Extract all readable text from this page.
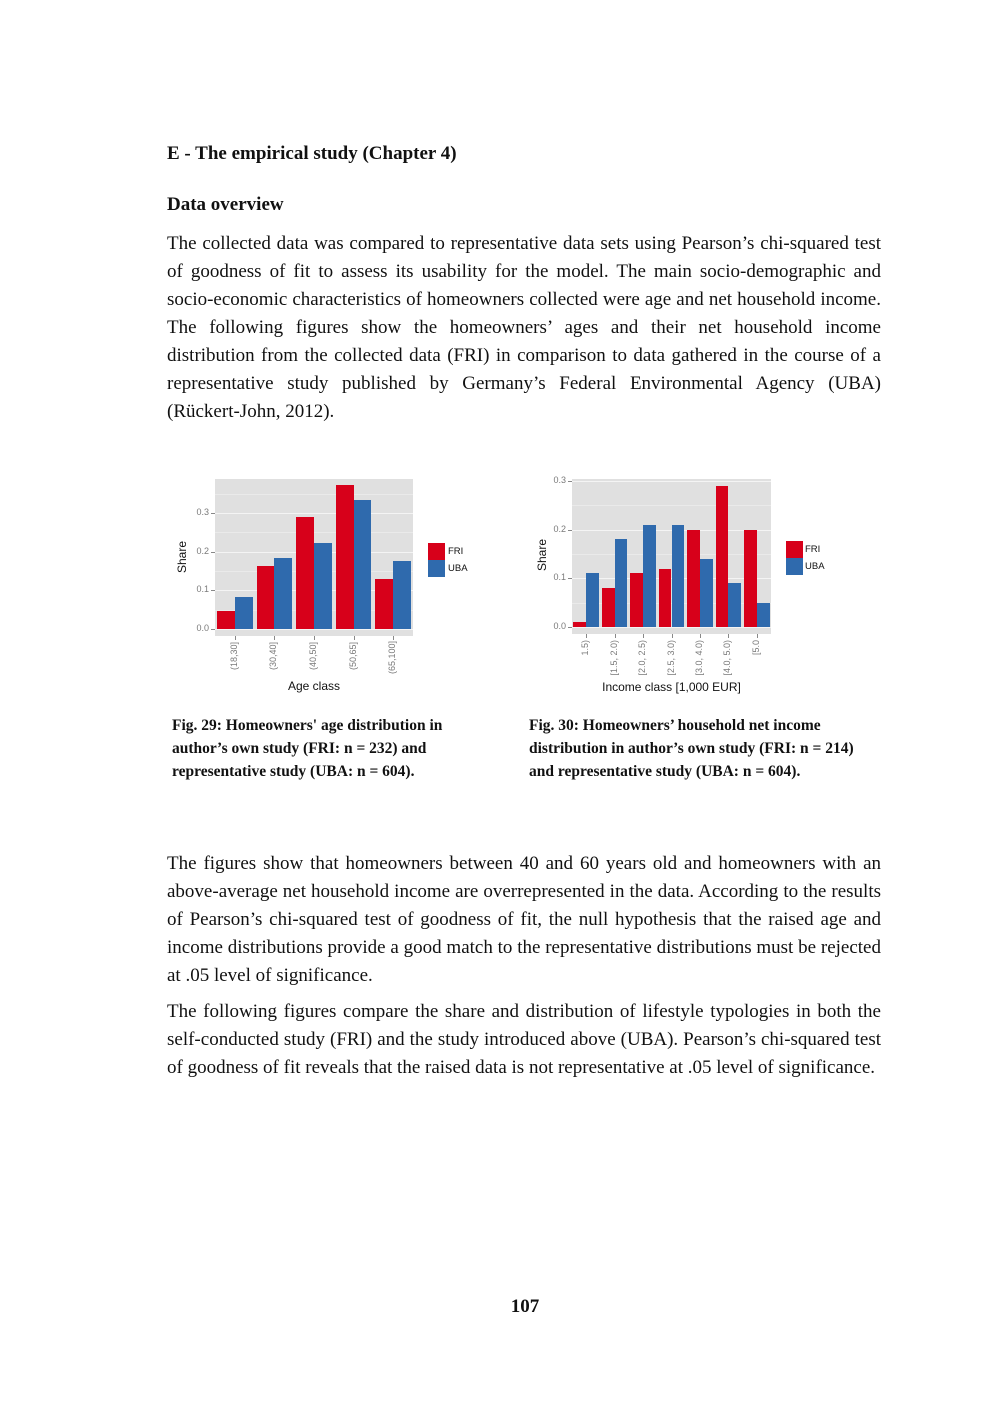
E - The empirical study (Chapter 4)
Data overview
The collected data was compared to representative data sets using Pearson’s chi-squared test of goodness of fit to assess its usability for the model. The main socio-demographic and socio-economic characteristics of homeowners collected were age and net household income. The following figures show the homeowners’ ages and their net household income distribution from the collected data (FRI) in comparison to data gathered in the course of a representative study published by Germany’s Federal Environmental Agency (UBA) (Rückert-John, 2012).
Share
Age class
FRI
UBA
0.0
0.1
0.2
0.3
(18,30]	(30,40]	(40,50]	(50,65]	(65,100]
Share
Income class [1,000 EUR]
FRI
UBA
0.0
0.1
0.2
0.3
1.5) [1.5, 2.0) [2.0, 2.5) [2.5, 3.0) [3.0, 4.0) [4.0, 5.0) [5.0
Fig. 29: Homeowners' age distribution in author’s own study (FRI: n = 232) and representative study (UBA: n = 604).
Fig. 30: Homeowners’ household net income distribution in author’s own study (FRI: n = 214) and representative study (UBA: n = 604).
The figures show that homeowners between 40 and 60 years old and homeowners with an above-average net household income are overrepresented in the data. According to the results of Pearson’s chi-squared test of goodness of fit, the null hypothesis that the raised age and income distributions provide a good match to the representative distributions must be rejected at .05 level of significance.
The following figures compare the share and distribution of lifestyle typologies in both the self-conducted study (FRI) and the study introduced above (UBA). Pearson’s chi-squared test of goodness of fit reveals that the raised data is not representative at .05 level of significance.
107
